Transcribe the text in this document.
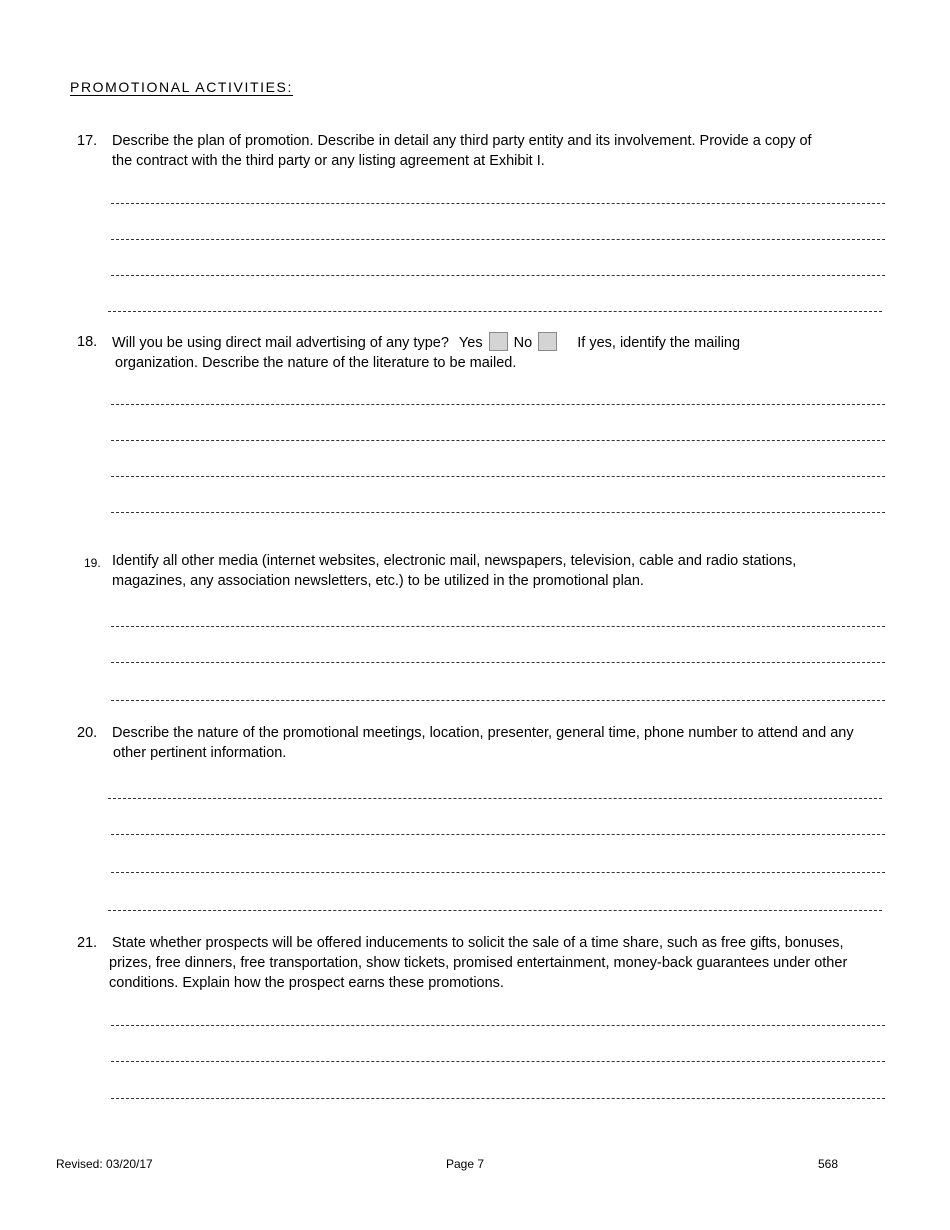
PROMOTIONAL ACTIVITIES:
17. Describe the plan of promotion. Describe in detail any third party entity and its involvement. Provide a copy of
the contract with the third party or any listing agreement at Exhibit I.
18. Will you be using direct mail advertising of any type? Yes No	If yes, identify the mailing
organization. Describe the nature of the literature to be mailed.
19. Identify all other media (internet websites, electronic mail, newspapers, television, cable and radio stations,
magazines, any association newsletters, etc.) to be utilized in the promotional plan.
20. Describe the nature of the promotional meetings, location, presenter, general time, phone number to attend and any
other pertinent information.
21. State whether prospects will be offered inducements to solicit the sale of a time share, such as free gifts, bonuses,
prizes, free dinners, free transportation, show tickets, promised entertainment, money-back guarantees under other
conditions. Explain how the prospect earns these promotions.
Revised: 03/20/17	Page 7	568
